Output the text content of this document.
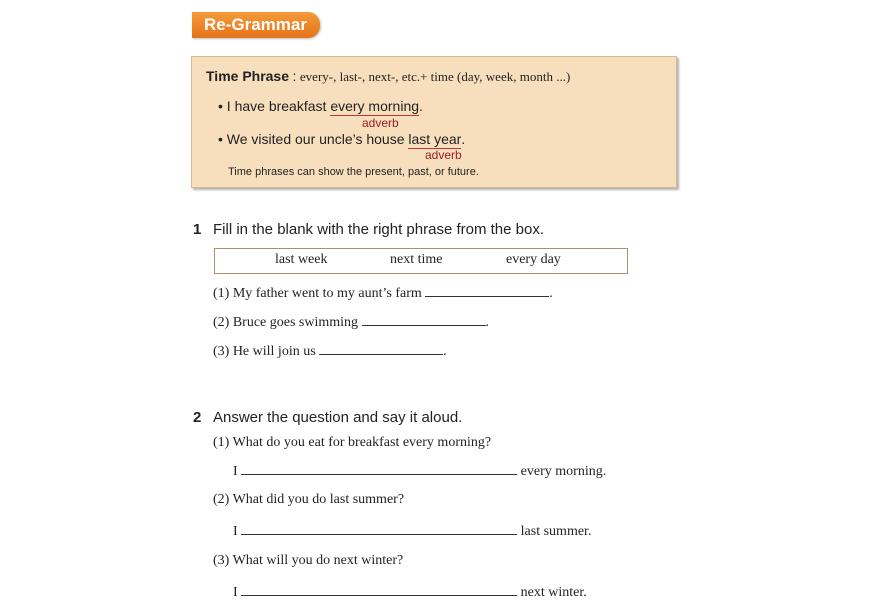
Re-Grammar
Time Phrase : every-, last-, next-, etc.+ time (day, week, month ...)
• I have breakfast every morning.
adverb
• We visited our uncle’s house last year.
adverb
Time phrases can show the present, past, or future.
1 Fill in the blank with the right phrase from the box.
last week	next time	every day
(1) My father went to my aunt’s farm	.
(2) Bruce goes swimming	.
(3) He will join us	.
2 Answer the question and say it aloud.
(1) What do you eat for breakfast every morning?
I	every morning.
(2) What did you do last summer?
I	last summer.
(3) What will you do next winter?
I	next winter.
